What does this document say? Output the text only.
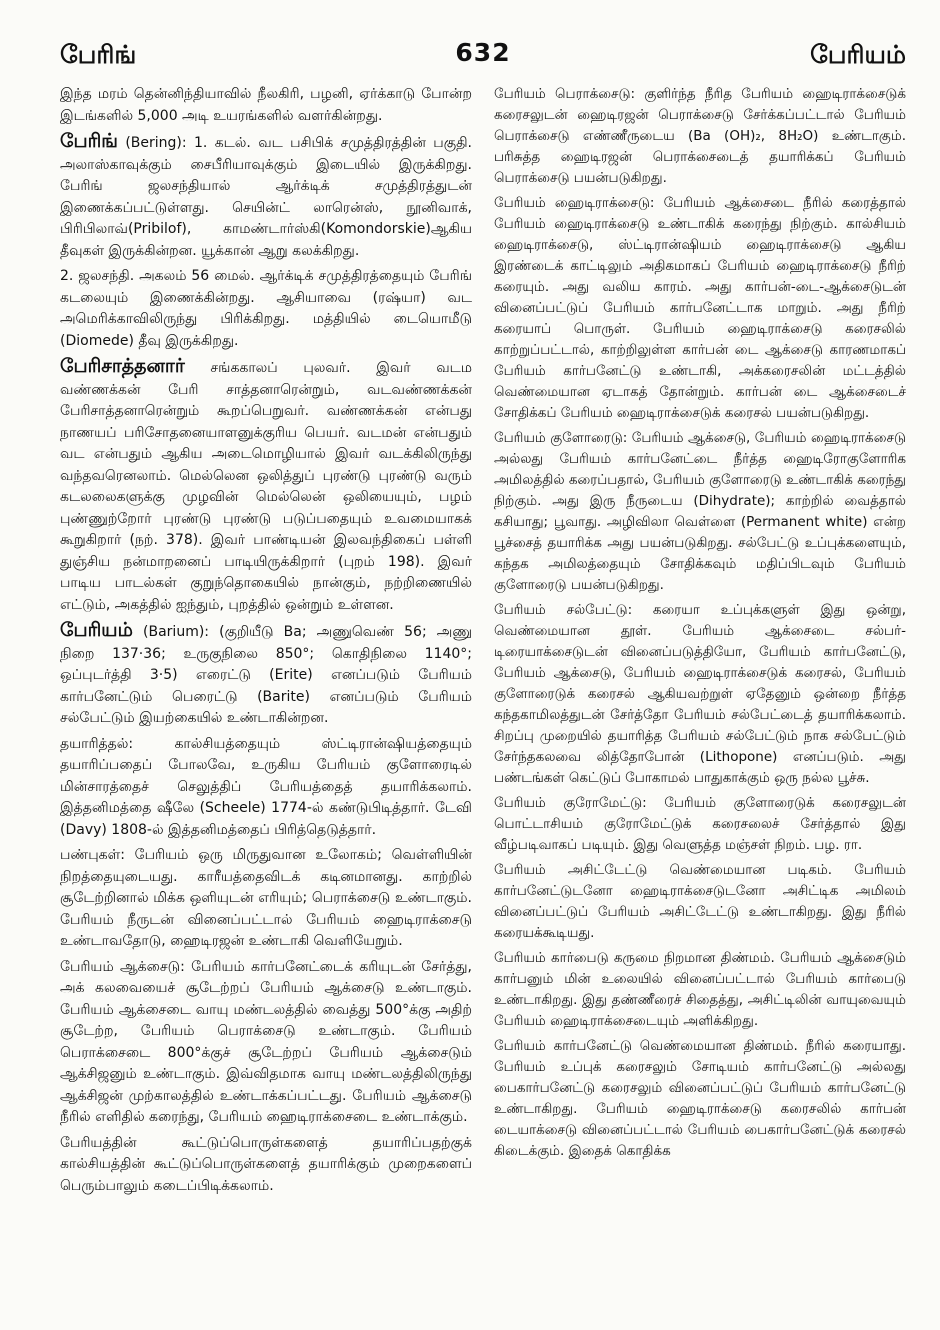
பேரிங்	632	பேரியம்

இந்த மரம் தென்னிந்தியாவில் நீலகிரி, பழனி, ஏர்க்காடு போன்ற இடங்களில் 5,000 அடி உயரங்களில் வளர்கின்றது.

பேரிங் (Bering): 1. கடல். வட பசிபிக் சமுத்திரத்தின் பகுதி. அலாஸ்காவுக்கும் சைபீரியாவுக்கும் இடையில் இருக்கிறது. பேரிங் ஜலசந்தியால் ஆர்க்டிக் சமுத்திரத்துடன் இணைக்கப்பட்டுள்ளது. செயின்ட் லாரென்ஸ், நூனிவாக், பிரிபிலாவ்(Pribilof), காமண்டார்ஸ்கி(Komondorskie)ஆகிய தீவுகள் இருக்கின்றன. யூக்கான் ஆறு கலக்கிறது.

2. ஜலசந்தி. அகலம் 56 மைல். ஆர்க்டிக் சமுத்திரத்தையும் பேரிங் கடலையும் இணைக்கின்றது. ஆசியாவை (ரஷ்யா) வட அமெரிக்காவிலிருந்து பிரிக்கிறது. மத்தியில் டையொமீடு (Diomede) தீவு இருக்கிறது.

பேரிசாத்தனார் சங்ககாலப் புலவர். இவர் வடம வண்ணக்கன் பேரி சாத்தனாரென்றும், வடவண்ணக்கன் பேரிசாத்தனாரென்றும் கூறப்பெறுவர். வண்ணக்கன் என்பது நாணயப் பரிசோதனையாளனுக்குரிய பெயர். வடமன் என்பதும் வட என்பதும் ஆகிய அடைமொழியால் இவர் வடக்கிலிருந்து வந்தவரெனலாம். மெல்லென ஒலித்துப் புரண்டு புரண்டு வரும் கடலலைகளுக்கு முழவின் மெல்லென் ஒலியையும், பழம் புண்ணுற்றோர் புரண்டு புரண்டு படுப்பதையும் உவமையாகக் கூறுகிறார் (நற். 378). இவர் பாண்டியன் இலவந்திகைப் பள்ளி துஞ்சிய நன்மாறனைப் பாடியிருக்கிறார் (புறம் 198). இவர் பாடிய பாடல்கள் குறுந்தொகையில் நான்கும், நற்றிணையில் எட்டும், அகத்தில் ஐந்தும், புறத்தில் ஒன்றும் உள்ளன.

பேரியம் (Barium): (குறியீடு Ba; அணுவெண் 56; அணு நிறை 137·36; உருகுநிலை 850°; கொதிநிலை 1140°; ஒப்புடர்த்தி 3·5) எரைட்டு (Erite) எனப்படும் பேரியம் கார்பனேட்டும் பெரைட்டு (Barite) எனப்படும் பேரியம் சல்பேட்டும் இயற்கையில் உண்டாகின்றன.

தயாரித்தல்: கால்சியத்தையும் ஸ்ட்டிரான்ஷியத்தையும் தயாரிப்பதைப் போலவே, உருகிய பேரியம் குளோரைடில் மின்சாரத்தைச் செலுத்திப் பேரியத்தைத் தயாரிக்கலாம். இத்தனிமத்தை ஷீலே (Scheele) 1774-ல் கண்டுபிடித்தார். டேவி (Davy) 1808-ல் இத்தனிமத்தைப் பிரித்தெடுத்தார்.

பண்புகள்: பேரியம் ஒரு மிருதுவான உலோகம்; வெள்ளியின் நிறத்தையுடையது. காரீயத்தைவிடக் கடினமானது. காற்றில் சூடேற்றினால் மிக்க ஒளியுடன் எரியும்; பெராக்சைடு உண்டாகும். பேரியம் நீருடன் வினைப்பட்டால் பேரியம் ஹைடிராக்சைடு உண்டாவதோடு, ஹைடிரஜன் உண்டாகி வெளியேறும்.

பேரியம் ஆக்சைடு: பேரியம் கார்பனேட்டைக் கரியுடன் சேர்த்து, அக் கலவையைச் சூடேற்றப் பேரியம் ஆக்சைடு உண்டாகும். பேரியம் ஆக்சைடை வாயு மண்டலத்தில் வைத்து 500°க்கு அதிற் சூடேற்ற, பேரியம் பெராக்சைடு உண்டாகும். பேரியம் பெராக்சைடை 800°க்குச் சூடேற்றப் பேரியம் ஆக்சைடும் ஆக்சிஜனும் உண்டாகும். இவ்விதமாக வாயு மண்டலத்திலிருந்து ஆக்சிஜன் முற்காலத்தில் உண்டாக்கப்பட்டது. பேரியம் ஆக்சைடு நீரில் எளிதில் கரைந்து, பேரியம் ஹைடிராக்சைடை உண்டாக்கும்.

பேரியத்தின் கூட்டுப்பொருள்களைத் தயாரிப்பதற்குக் கால்சியத்தின் கூட்டுப்பொருள்களைத் தயாரிக்கும் முறைகளைப் பெரும்பாலும் கடைப்பிடிக்கலாம்.

பேரியம் பெராக்சைடு: குளிர்ந்த நீரித பேரியம் ஹைடிராக்சைடுக் கரைசலுடன் ஹைடிரஜன் பெராக்சைடு சேர்க்கப்பட்டால் பேரியம் பெராக்சைடு எண்ணீருடைய (Ba (OH)₂, 8H₂O) உண்டாகும். பரிசுத்த ஹைடிரஜன் பெராக்சைடைத் தயாரிக்கப் பேரியம் பெராக்சைடு பயன்படுகிறது.

பேரியம் ஹைடிராக்சைடு: பேரியம் ஆக்சைடை நீரில் கரைத்தால் பேரியம் ஹைடிராக்சைடு உண்டாகிக் கரைந்து நிற்கும். கால்சியம் ஹைடிராக்சைடு, ஸ்ட்டிரான்ஷியம் ஹைடிராக்சைடு ஆகிய இரண்டைக் காட்டிலும் அதிகமாகப் பேரியம் ஹைடிராக்சைடு நீரிற் கரையும். அது வலிய காரம். அது கார்பன்-டை-ஆக்சைடுடன் வினைப்பட்டுப் பேரியம் கார்பனேட்டாக மாறும். அது நீரிற் கரையாப் பொருள். பேரியம் ஹைடிராக்சைடு கரைசலில் காற்றுப்பட்டால், காற்றிலுள்ள கார்பன் டை ஆக்சைடு காரணமாகப் பேரியம் கார்பனேட்டு உண்டாகி, அக்கரைசலின் மட்டத்தில் வெண்மையான ஏடாகத் தோன்றும். கார்பன் டை ஆக்சைடைச் சோதிக்கப் பேரியம் ஹைடிராக்சைடுக் கரைசல் பயன்படுகிறது.

பேரியம் குளோரைடு: பேரியம் ஆக்சைடு, பேரியம் ஹைடிராக்சைடு அல்லது பேரியம் கார்பனேட்டை நீர்த்த ஹைடிரோகுளோரிக அமிலத்தில் கரைப்பதால், பேரியம் குளோரைடு உண்டாகிக் கரைந்து நிற்கும். அது இரு நீருடைய (Dihydrate); காற்றில் வைத்தால் கசியாது; பூவாது. அழிவிலா வெள்ளை (Permanent white) என்ற பூச்சைத் தயாரிக்க அது பயன்படுகிறது. சல்பேட்டு உப்புக்களையும், கந்தக அமிலத்தையும் சோதிக்கவும் மதிப்பிடவும் பேரியம் குளோரைடு பயன்படுகிறது.

பேரியம் சல்பேட்டு: கரையா உப்புக்களுள் இது ஒன்று, வெண்மையான தூள். பேரியம் ஆக்சைடை சல்பர்-டிரையாக்சைடுடன் வினைப்படுத்தியோ, பேரியம் கார்பனேட்டு, பேரியம் ஆக்சைடு, பேரியம் ஹைடிராக்சைடுக் கரைசல், பேரியம் குளோரைடுக் கரைசல் ஆகியவற்றுள் ஏதேனும் ஒன்றை நீர்த்த கந்தகாமிலத்துடன் சேர்த்தோ பேரியம் சல்பேட்டைத் தயாரிக்கலாம். சிறப்பு முறையில் தயாரித்த பேரியம் சல்பேட்டும் நாக சல்பேட்டும் சேர்ந்தகலவை லித்தோபோன் (Lithopone) எனப்படும். அது பண்டங்கள் கெட்டுப் போகாமல் பாதுகாக்கும் ஒரு நல்ல பூச்சு.

பேரியம் குரோமேட்டு: பேரியம் குளோரைடுக் கரைசலுடன் பொட்டாசியம் குரோமேட்டுக் கரைசலைச் சேர்த்தால் இது வீழ்படிவாகப் படியும். இது வெளுத்த மஞ்சள் நிறம். பழ. ரா.

பேரியம் அசிட்டேட்டு வெண்மையான படிகம். பேரியம் கார்பனேட்டுடனோ ஹைடிராக்சைடுடனோ அசிட்டிக அமிலம் வினைப்பட்டுப் பேரியம் அசிட்டேட்டு உண்டாகிறது. இது நீரில் கரையக்கூடியது.

பேரியம் கார்பைடு கருமை நிறமான திண்மம். பேரியம் ஆக்சைடும் கார்பனும் மின் உலையில் வினைப்பட்டால் பேரியம் கார்பைடு உண்டாகிறது. இது தண்ணீரைச் சிதைத்து, அசிட்டிலின் வாயுவையும் பேரியம் ஹைடிராக்சைடையும் அளிக்கிறது.

பேரியம் கார்பனேட்டு வெண்மையான திண்மம். நீரில் கரையாது. பேரியம் உப்புக் கரைசலும் சோடியம் கார்பனேட்டு அல்லது பைகார்பனேட்டு கரைசலும் வினைப்பட்டுப் பேரியம் கார்பனேட்டு உண்டாகிறது. பேரியம் ஹைடிராக்சைடு கரைசலில் கார்பன் டையாக்சைடு வினைப்பட்டால் பேரியம் பைகார்பனேட்டுக் கரைசல் கிடைக்கும். இதைக் கொதிக்க
